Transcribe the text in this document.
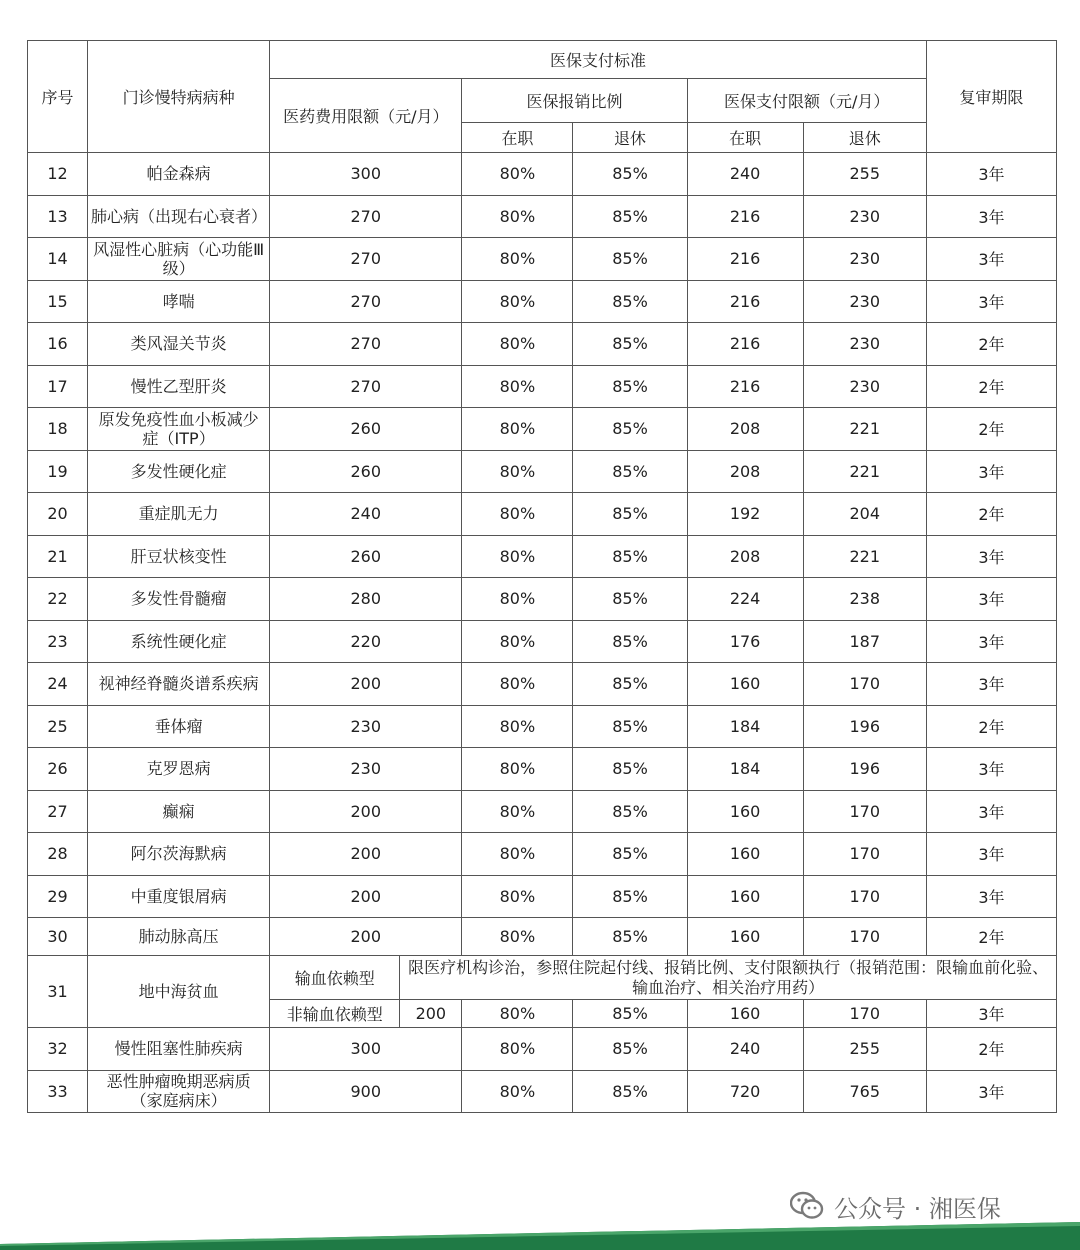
序号	门诊慢特病病种	医保支付标准						复审期限
		医药费用限额（元/月）		医保报销比例		医保支付限额（元/月）		
				在职	退休	在职	退休	
12	帕金森病	300		80%	85%	240	255	3年
13	肺心病（出现右心衰者）	270		80%	85%	216	230	3年
14	风湿性心脏病（心功能Ⅲ级）	270		80%	85%	216	230	3年
15	哮喘	270		80%	85%	216	230	3年
16	类风湿关节炎	270		80%	85%	216	230	2年
17	慢性乙型肝炎	270		80%	85%	216	230	2年
18	原发免疫性血小板减少症（ITP）	260		80%	85%	208	221	2年
19	多发性硬化症	260		80%	85%	208	221	3年
20	重症肌无力	240		80%	85%	192	204	2年
21	肝豆状核变性	260		80%	85%	208	221	3年
22	多发性骨髓瘤	280		80%	85%	224	238	3年
23	系统性硬化症	220		80%	85%	176	187	3年
24	视神经脊髓炎谱系疾病	200		80%	85%	160	170	3年
25	垂体瘤	230		80%	85%	184	196	2年
26	克罗恩病	230		80%	85%	184	196	3年
27	癫痫	200		80%	85%	160	170	3年
28	阿尔茨海默病	200		80%	85%	160	170	3年
29	中重度银屑病	200		80%	85%	160	170	3年
30	肺动脉高压	200		80%	85%	160	170	2年
31	地中海贫血	输血依赖型	限医疗机构诊治，参照住院起付线、报销比例、支付限额执行（报销范围：限输血前化验、输血治疗、相关治疗用药）					
		非输血依赖型	200	80%	85%	160	170	3年
32	慢性阻塞性肺疾病	300		80%	85%	240	255	2年
33	恶性肿瘤晚期恶病质（家庭病床）	900		80%	85%	720	765	3年
公众号 · 湘医保
